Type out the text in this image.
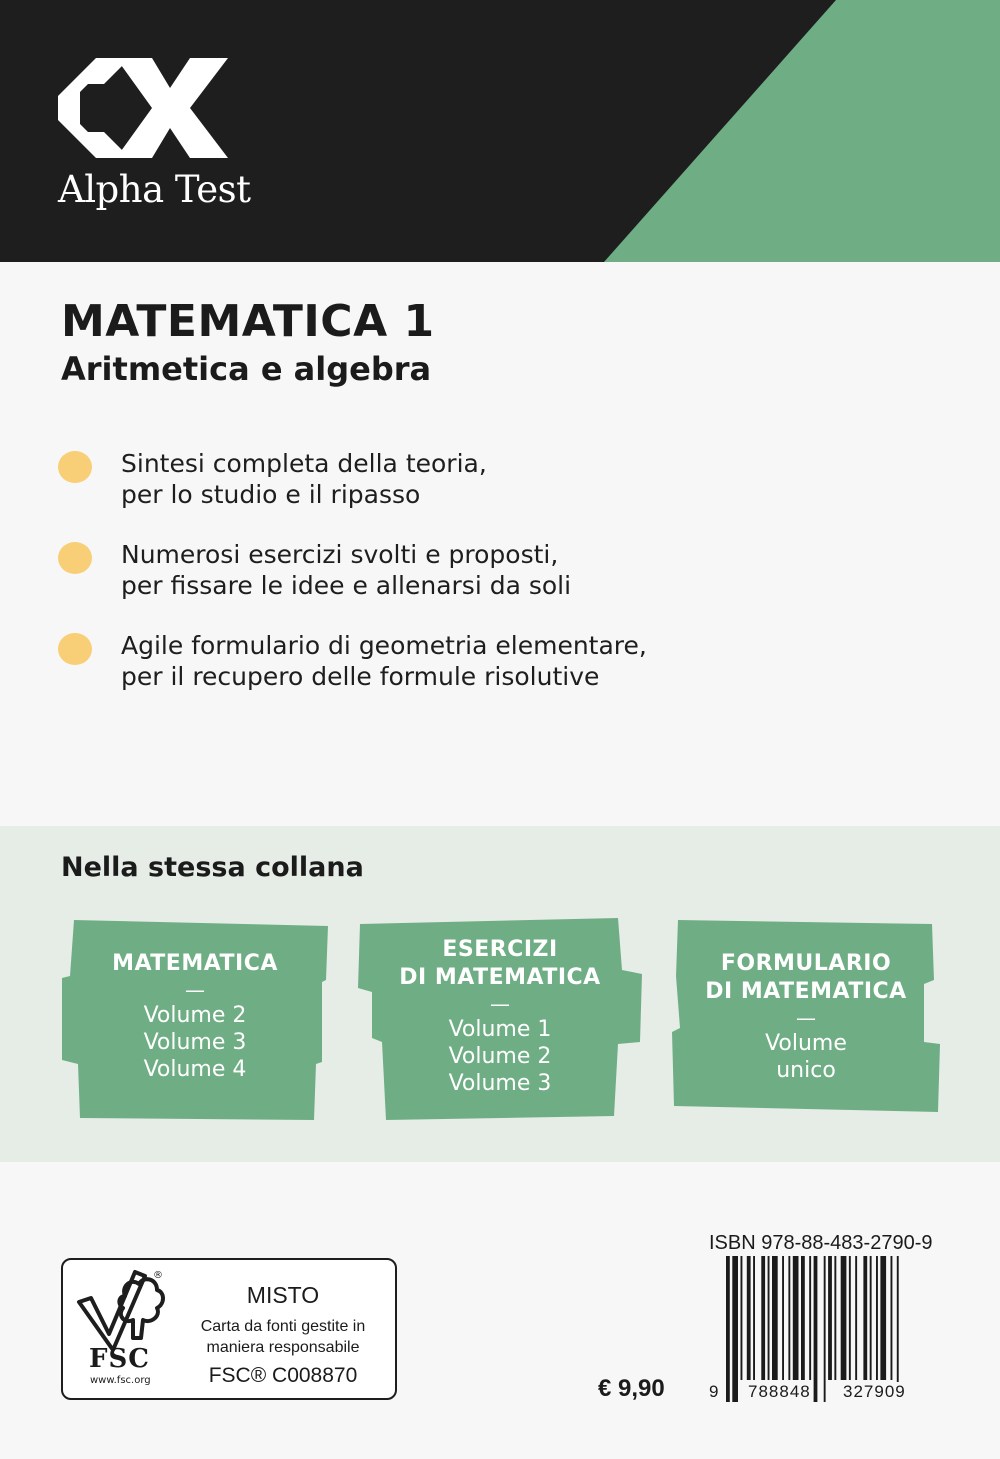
Alpha Test
MATEMATICA 1
Aritmetica e algebra
Sintesi completa della teoria,
per lo studio e il ripasso
Numerosi esercizi svolti e proposti,
per fissare le idee e allenarsi da soli
Agile formulario di geometria elementare,
per il recupero delle formule risolutive
Nella stessa collana
MATEMATICA
—
Volume 2
Volume 3
Volume 4
ESERCIZI
DI MATEMATICA
—
Volume 1
Volume 2
Volume 3
FORMULARIO
DI MATEMATICA
—
Volume
unico
®
FSC
www.fsc.org
MISTO
Carta da fonti gestite in
maniera responsabile
FSC® C008870	€ 9,90
ISBN 978-88-483-2790-9
9 788848 327909
